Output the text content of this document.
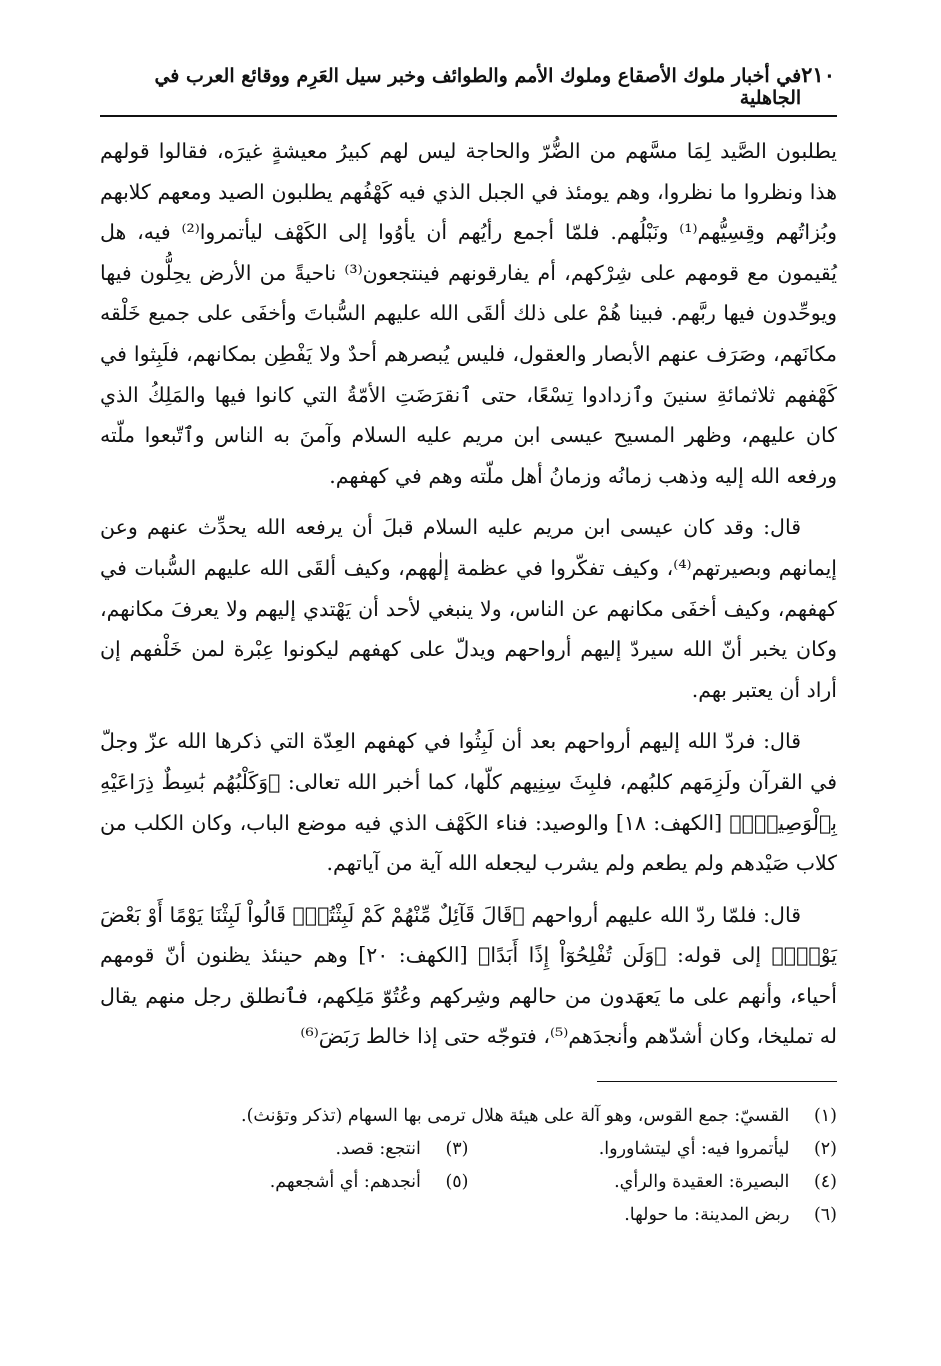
٢١٠
في أخبار ملوك الأصقاع وملوك الأمم والطوائف وخبر سيل العَرِم ووقائع العرب في الجاهلية

يطلبون الصَّيد لِمَا مسَّهم من الضُّرّ والحاجة ليس لهم كبيرُ معيشةٍ غيرَه، فقالوا قولهم هذا ونظروا ما نظروا، وهم يومئذ في الجبل الذي فيه كَهْفُهم يطلبون الصيد ومعهم كلابهم وبُزاتُهم وقِسِيُّهم⁽¹⁾ ونَبْلُهم. فلمّا أجمع رأيُهم أن يأوُوا إلى الكَهْف ليأتمروا⁽²⁾ فيه، هل يُقيمون مع قومهم على شِرْكهم، أم يفارقونهم فينتجعون⁽³⁾ ناحيةً من الأرض يحِلُّون فيها ويوحِّدون فيها ربَّهم. فبينا هُمْ على ذلك ألقَى الله عليهم السُّباتَ وأخفَى على جميع خَلْقه مكانَهم، وصَرَف عنهم الأبصار والعقول، فليس يُبصرهم أحدٌ ولا يَفْطِن بمكانهم، فلَبِثوا في كَهْفهم ثلاثمائةِ سنينَ وٱزدادوا تِسْعًا، حتى ٱنقرَضَتِ الأمّةُ التي كانوا فيها والمَلِكُ الذي كان عليهم، وظهر المسيح عيسى ابن مريم عليه السلام وآمنَ به الناس وٱتّبعوا ملّته ورفعه الله إليه وذهب زمانُه وزمانُ أهل ملّته وهم في كهفهم.

قال: وقد كان عيسى ابن مريم عليه السلام قبلَ أن يرفعه الله يحدِّث عنهم وعن إيمانهم وبصيرتهم⁽⁴⁾، وكيف تفكّروا في عظمة إلٰههم، وكيف ألقَى الله عليهم السُّبات في كهفهم، وكيف أخفَى مكانهم عن الناس، ولا ينبغي لأحد أن يَهْتدي إليهم ولا يعرفَ مكانهم، وكان يخبر أنّ الله سيردّ إليهم أرواحهم ويدلّ على كهفهم ليكونوا عِبْرة لمن خَلْفهم إن أراد أن يعتبر بهم.

قال: فردّ الله إليهم أرواحهم بعد أن لَبِثُوا في كهفهم العِدّة التي ذكرها الله عزّ وجلّ في القرآن ولَزِمَهم كلبُهم، فلبِثَ سِنِيهم كلّها، كما أخبر الله تعالى: ﴿وَكَلْبُهُم بَٰسِطٌ ذِرَاعَيْهِ بِٱلْوَصِيدِۚ﴾ [الكهف: ١٨] والوصيد: فناء الكَهْف الذي فيه موضع الباب، وكان الكلب من كلاب صَيْدهم ولم يطعم ولم يشرب ليجعله الله آية من آياتهم.

قال: فلمّا ردّ الله عليهم أرواحهم ﴿قَالَ قَآئِلٌ مِّنْهُمْ كَمْ لَبِثْتُمْۖ قَالُواْ لَبِثْنَا يَوْمًا أَوْ بَعْضَ يَوْمٍۚ﴾ إلى قوله: ﴿وَلَن تُفْلِحُوٓاْ إِذًا أَبَدًا﴾ [الكهف: ٢٠] وهم حينئذ يظنون أنّ قومهم أحياء، وأنهم على ما يَعهَدون من حالهم وشِركهم وعُتُوّ مَلِكهم، فٱنطلق رجل منهم يقال له تمليخا، وكان أشدّهم وأنجدَهم⁽⁵⁾، فتوجّه حتى إذا خالط رَبَضَ⁽⁶⁾

(١) القسيّ: جمع القوس، وهو آلة على هيئة هلال ترمى بها السهام (تذكر وتؤنث).
(٢) ليأتمروا فيه: أي ليتشاوروا.
(٣) انتجع: قصد.
(٤) البصيرة: العقيدة والرأي.
(٥) أنجدهم: أي أشجعهم.
(٦) ربض المدينة: ما حولها.
